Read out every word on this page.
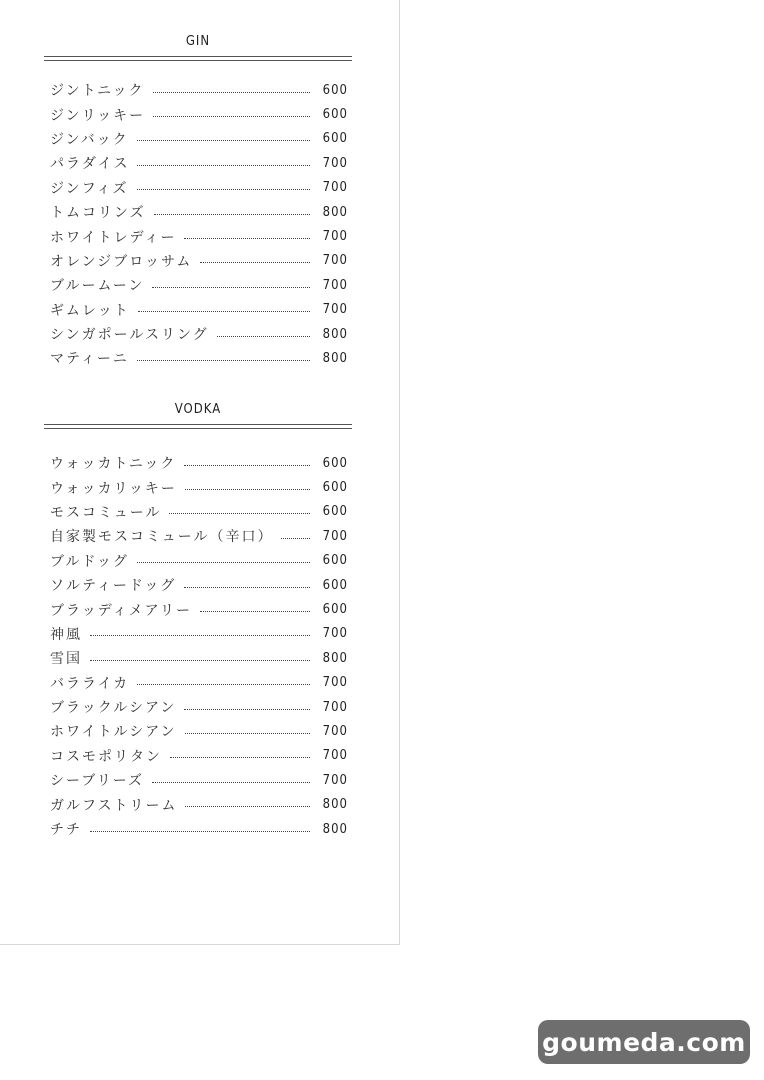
GIN
ジントニック	600
ジンリッキー	600
ジンバック	600
パラダイス	700
ジンフィズ	700
トムコリンズ	800
ホワイトレディー	700
オレンジブロッサム	700
ブルームーン	700
ギムレット	700
シンガポールスリング	800
マティーニ	800
VODKA
ウォッカトニック	600
ウォッカリッキー	600
モスコミュール	600
自家製モスコミュール（辛口）	700
ブルドッグ	600
ソルティードッグ	600
ブラッディメアリー	600
神風	700
雪国	800
バラライカ	700
ブラックルシアン	700
ホワイトルシアン	700
コスモポリタン	700
シーブリーズ	700
ガルフストリーム	800
チチ	800
goumeda.com
